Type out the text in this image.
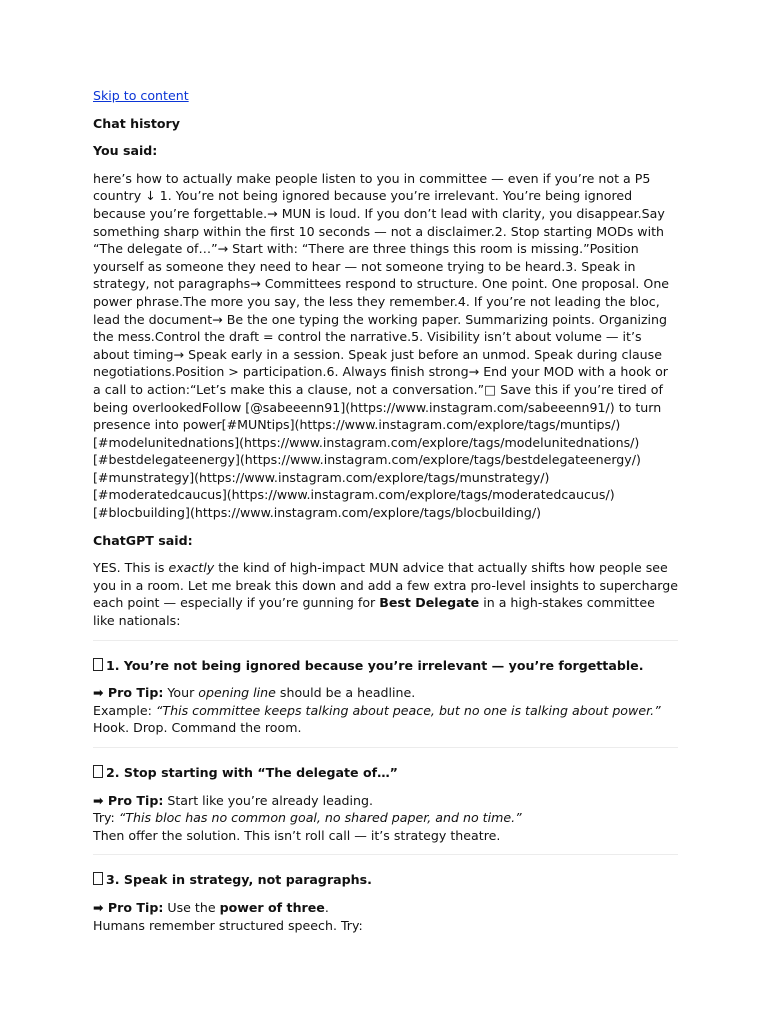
Skip to content
Chat history
You said:

here’s how to actually make people listen to you in committee — even if you’re not a P5 country ↓ 1. You’re not being ignored because you’re irrelevant. You’re being ignored because you’re forgettable.→ MUN is loud. If you don’t lead with clarity, you disappear.Say something sharp within the first 10 seconds — not a disclaimer.2. Stop starting MODs with “The delegate of…”→ Start with: “There are three things this room is missing.”Position yourself as someone they need to hear — not someone trying to be heard.3. Speak in strategy, not paragraphs→ Committees respond to structure. One point. One proposal. One power phrase.The more you say, the less they remember.4. If you’re not leading the bloc, lead the document→ Be the one typing the working paper. Summarizing points. Organizing the mess.Control the draft = control the narrative.5. Visibility isn’t about volume — it’s about timing→ Speak early in a session. Speak just before an unmod. Speak during clause negotiations.Position > participation.6. Always finish strong→ End your MOD with a hook or a call to action:“Let’s make this a clause, not a conversation.”□ Save this if you’re tired of being overlookedFollow [@sabeeenn91](https://www.instagram.com/sabeeenn91/) to turn presence into power[#MUNtips](https://www.instagram.com/explore/tags/muntips/) [#modelunitednations](https://www.instagram.com/explore/tags/modelunitednations/) [#bestdelegateenergy](https://www.instagram.com/explore/tags/bestdelegateenergy/) [#munstrategy](https://www.instagram.com/explore/tags/munstrategy/) [#moderatedcaucus](https://www.instagram.com/explore/tags/moderatedcaucus/) [#blocbuilding](https://www.instagram.com/explore/tags/blocbuilding/)

ChatGPT said:

YES. This is exactly the kind of high-impact MUN advice that actually shifts how people see you in a room. Let me break this down and add a few extra pro-level insights to supercharge each point — especially if you’re gunning for Best Delegate in a high-stakes committee like nationals:

1. You’re not being ignored because you’re irrelevant — you’re forgettable.

➡ Pro Tip: Your opening line should be a headline.

Example: “This committee keeps talking about peace, but no one is talking about power.”

Hook. Drop. Command the room.

2. Stop starting with “The delegate of…”

➡ Pro Tip: Start like you’re already leading.

Try: “This bloc has no common goal, no shared paper, and no time.”

Then offer the solution. This isn’t roll call — it’s strategy theatre.

3. Speak in strategy, not paragraphs.

➡ Pro Tip: Use the power of three.

Humans remember structured speech. Try:
